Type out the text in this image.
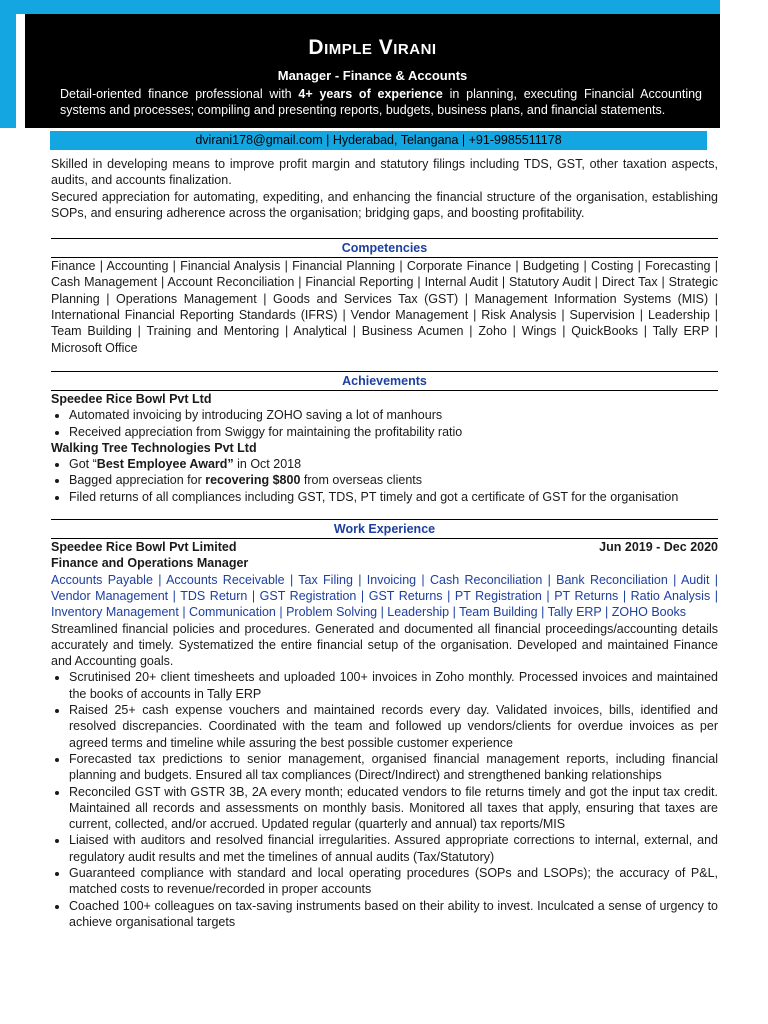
Dimple Virani
Manager - Finance & Accounts
Detail-oriented finance professional with 4+ years of experience in planning, executing Financial Accounting systems and processes; compiling and presenting reports, budgets, business plans, and financial statements.
dvirani178@gmail.com | Hyderabad, Telangana | +91-9985511178

Skilled in developing means to improve profit margin and statutory filings including TDS, GST, other taxation aspects, audits, and accounts finalization.

Secured appreciation for automating, expediting, and enhancing the financial structure of the organisation, establishing SOPs, and ensuring adherence across the organisation; bridging gaps, and boosting profitability.

Competencies

Finance | Accounting | Financial Analysis | Financial Planning | Corporate Finance | Budgeting | Costing | Forecasting | Cash Management | Account Reconciliation | Financial Reporting | Internal Audit | Statutory Audit | Direct Tax | Strategic Planning | Operations Management | Goods and Services Tax (GST) | Management Information Systems (MIS) | International Financial Reporting Standards (IFRS) | Vendor Management | Risk Analysis | Supervision | Leadership | Team Building | Training and Mentoring | Analytical | Business Acumen | Zoho | Wings | QuickBooks | Tally ERP | Microsoft Office

Achievements
Speedee Rice Bowl Pvt Ltd
• Automated invoicing by introducing ZOHO saving a lot of manhours
• Received appreciation from Swiggy for maintaining the profitability ratio
Walking Tree Technologies Pvt Ltd
• Got “Best Employee Award” in Oct 2018
• Bagged appreciation for recovering $800 from overseas clients
• Filed returns of all compliances including GST, TDS, PT timely and got a certificate of GST for the organisation
Work Experience
Speedee Rice Bowl Pvt Limited	Jun 2019 - Dec 2020
Finance and Operations Manager
Accounts Payable | Accounts Receivable | Tax Filing | Invoicing | Cash Reconciliation | Bank Reconciliation | Audit | Vendor Management | TDS Return | GST Registration | GST Returns | PT Registration | PT Returns | Ratio Analysis | Inventory Management | Communication | Problem Solving | Leadership | Team Building | Tally ERP | ZOHO Books

Streamlined financial policies and procedures. Generated and documented all financial proceedings/accounting details accurately and timely. Systematized the entire financial setup of the organisation. Developed and maintained Finance and Accounting goals.

• Scrutinised 20+ client timesheets and uploaded 100+ invoices in Zoho monthly. Processed invoices and maintained the books of accounts in Tally ERP
• Raised 25+ cash expense vouchers and maintained records every day. Validated invoices, bills, identified and resolved discrepancies. Coordinated with the team and followed up vendors/clients for overdue invoices as per agreed terms and timeline while assuring the best possible customer experience
• Forecasted tax predictions to senior management, organised financial management reports, including financial planning and budgets. Ensured all tax compliances (Direct/Indirect) and strengthened banking relationships
• Reconciled GST with GSTR 3B, 2A every month; educated vendors to file returns timely and got the input tax credit. Maintained all records and assessments on monthly basis. Monitored all taxes that apply, ensuring that taxes are current, collected, and/or accrued. Updated regular (quarterly and annual) tax reports/MIS
• Liaised with auditors and resolved financial irregularities. Assured appropriate corrections to internal, external, and regulatory audit results and met the timelines of annual audits (Tax/Statutory)
• Guaranteed compliance with standard and local operating procedures (SOPs and LSOPs); the accuracy of P&L, matched costs to revenue/recorded in proper accounts
• Coached 100+ colleagues on tax-saving instruments based on their ability to invest. Inculcated a sense of urgency to achieve organisational targets
